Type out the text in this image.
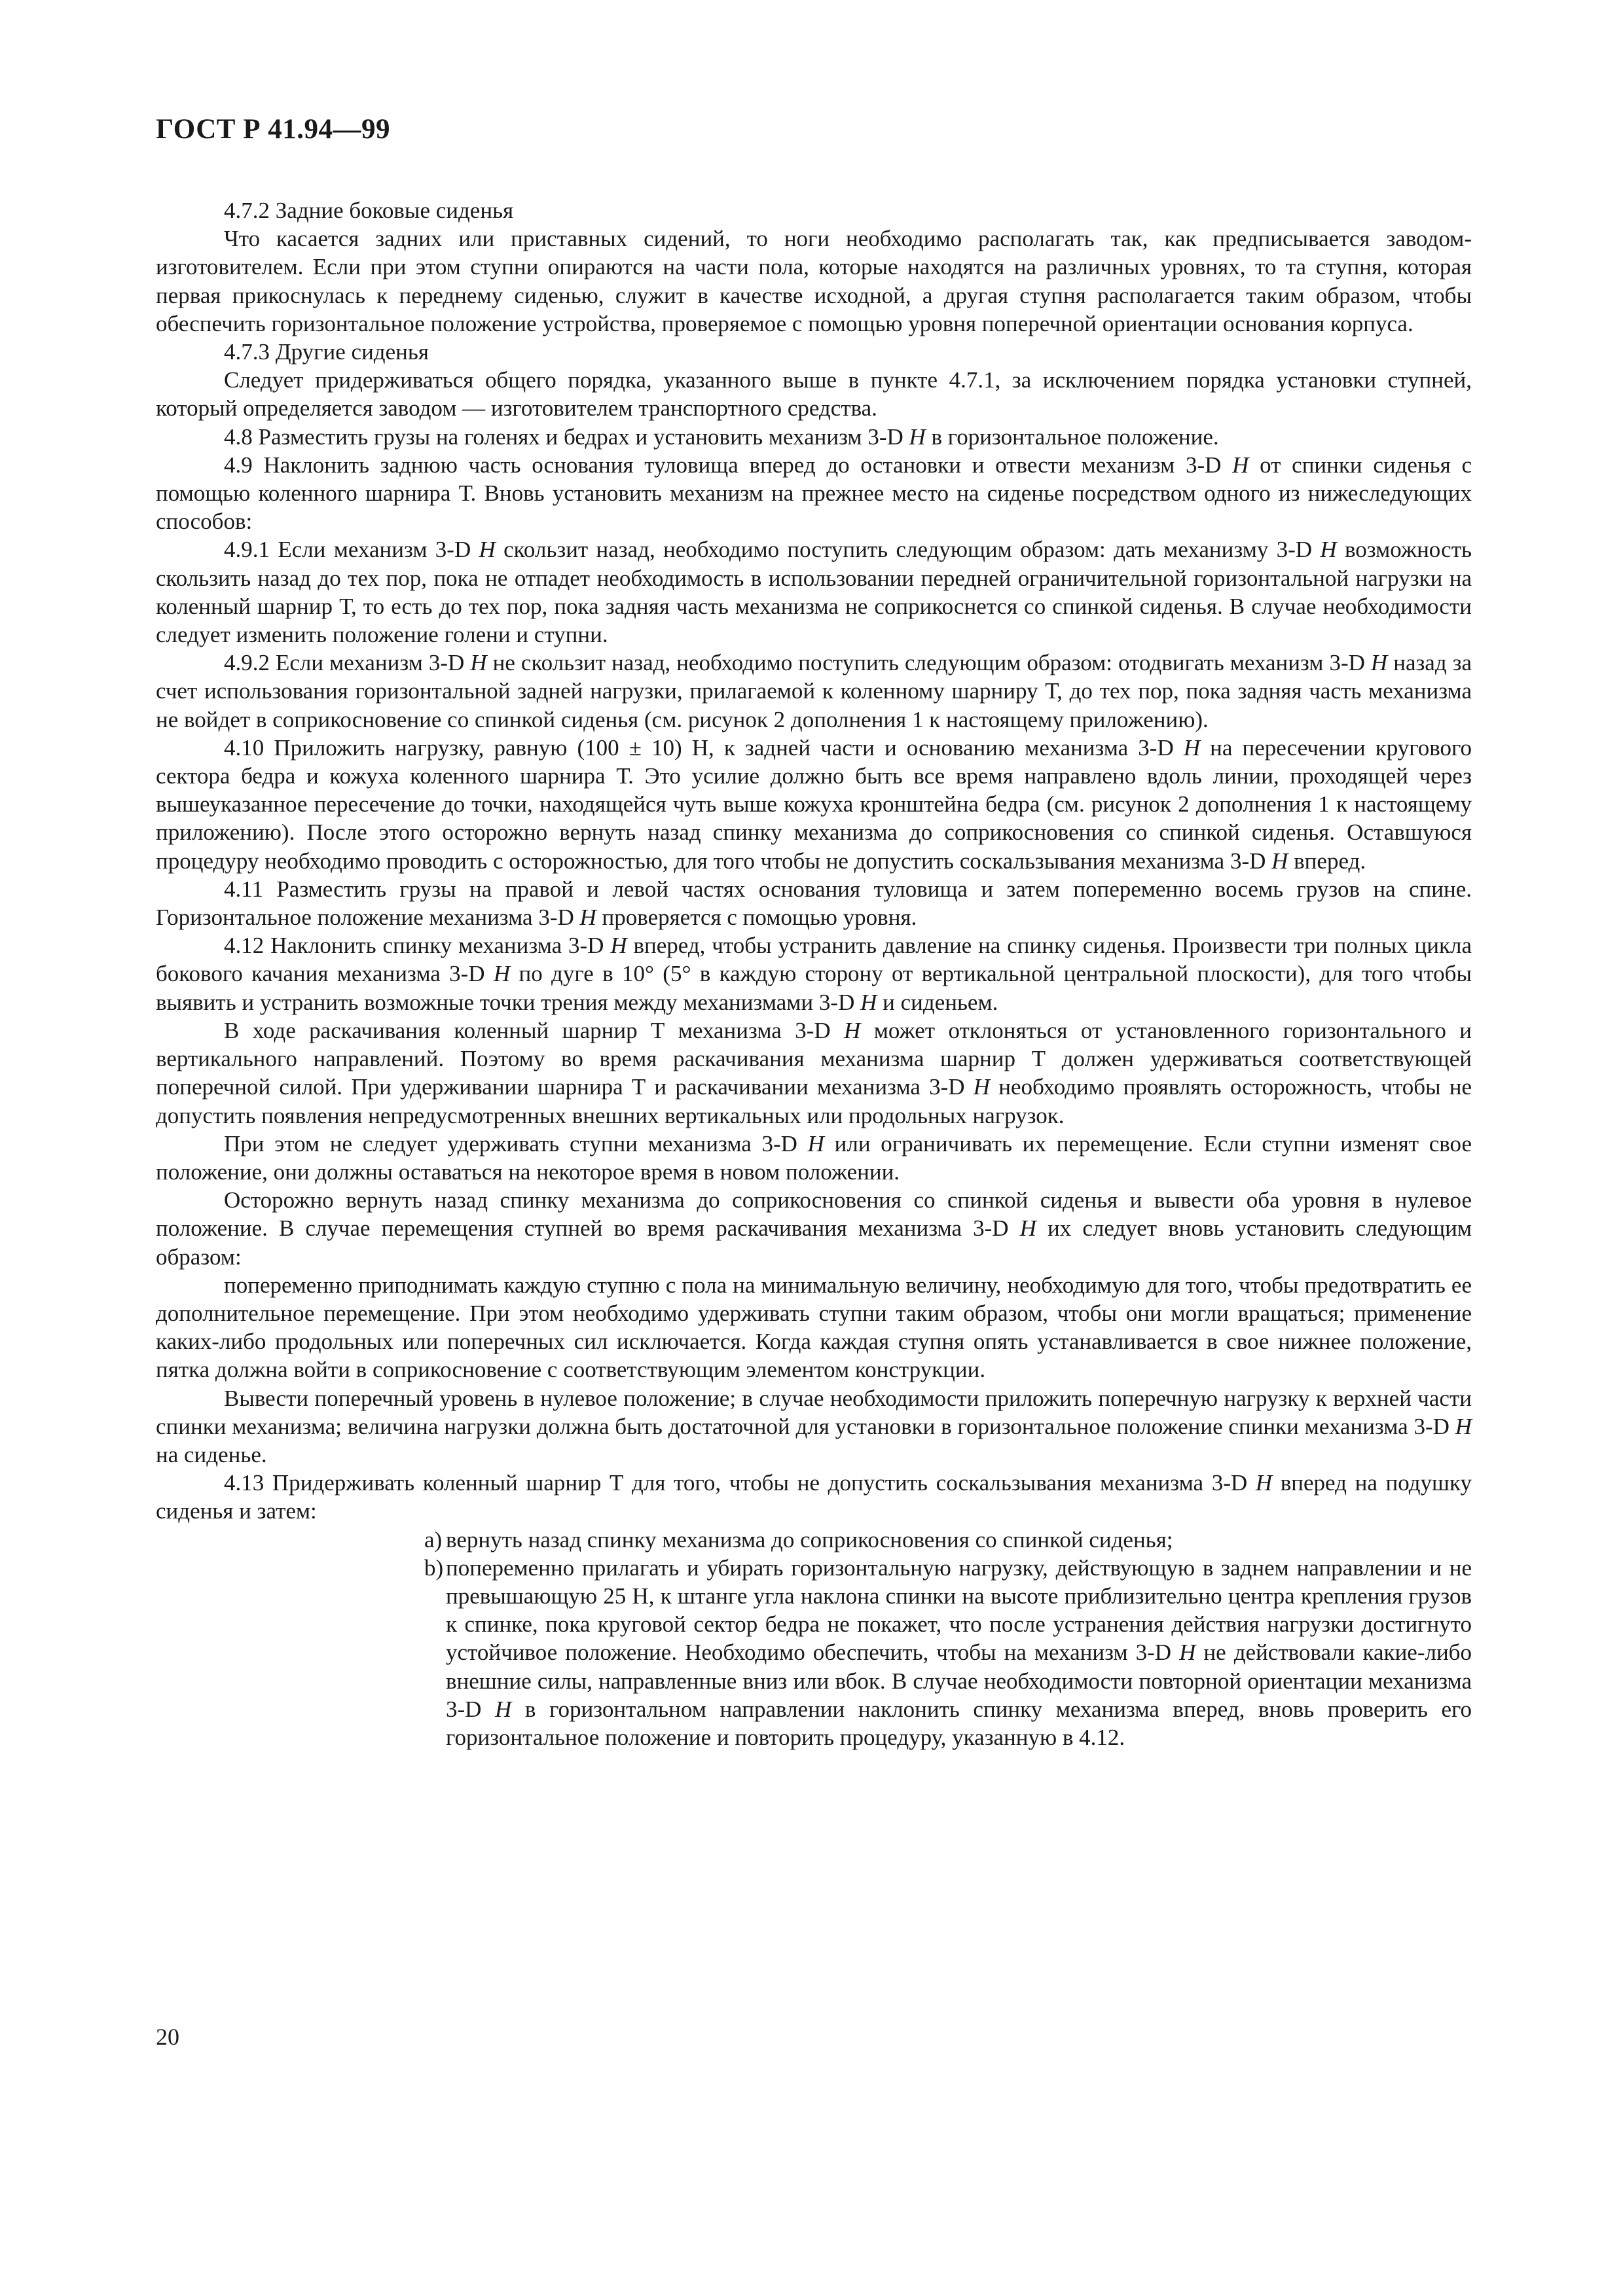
ГОСТ Р 41.94—99

4.7.2 Задние боковые сиденья

Что касается задних или приставных сидений, то ноги необходимо располагать так, как предписывается заводом-изготовителем. Если при этом ступни опираются на части пола, которые находятся на различных уровнях, то та ступня, которая первая прикоснулась к переднему сиденью, служит в качестве исходной, а другая ступня располагается таким образом, чтобы обеспечить горизонтальное положение устройства, проверяемое с помощью уровня поперечной ориентации основания корпуса.

4.7.3 Другие сиденья

Следует придерживаться общего порядка, указанного выше в пункте 4.7.1, за исключением порядка установки ступней, который определяется заводом — изготовителем транспортного средства.

4.8 Разместить грузы на голенях и бедрах и установить механизм 3-D H в горизонтальное положение.

4.9 Наклонить заднюю часть основания туловища вперед до остановки и отвести механизм 3-D H от спинки сиденья с помощью коленного шарнира Т. Вновь установить механизм на прежнее место на сиденье посредством одного из нижеследующих способов:

4.9.1 Если механизм 3-D H скользит назад, необходимо поступить следующим образом: дать механизму 3-D H возможность скользить назад до тех пор, пока не отпадет необходимость в использовании передней ограничительной горизонтальной нагрузки на коленный шарнир Т, то есть до тех пор, пока задняя часть механизма не соприкоснется со спинкой сиденья. В случае необходимости следует изменить положение голени и ступни.

4.9.2 Если механизм 3-D H не скользит назад, необходимо поступить следующим образом: отодвигать механизм 3-D H назад за счет использования горизонтальной задней нагрузки, прилагаемой к коленному шарниру Т, до тех пор, пока задняя часть механизма не войдет в соприкосновение со спинкой сиденья (см. рисунок 2 дополнения 1 к настоящему приложению).

4.10 Приложить нагрузку, равную (100 ± 10) Н, к задней части и основанию механизма 3-D H на пересечении кругового сектора бедра и кожуха коленного шарнира Т. Это усилие должно быть все время направлено вдоль линии, проходящей через вышеуказанное пересечение до точки, находящейся чуть выше кожуха кронштейна бедра (см. рисунок 2 дополнения 1 к настоящему приложению). После этого осторожно вернуть назад спинку механизма до соприкосновения со спинкой сиденья. Оставшуюся процедуру необходимо проводить с осторожностью, для того чтобы не допустить соскальзывания механизма 3-D H вперед.

4.11 Разместить грузы на правой и левой частях основания туловища и затем попеременно восемь грузов на спине. Горизонтальное положение механизма 3-D H проверяется с помощью уровня.

4.12 Наклонить спинку механизма 3-D H вперед, чтобы устранить давление на спинку сиденья. Произвести три полных цикла бокового качания механизма 3-D H по дуге в 10° (5° в каждую сторону от вертикальной центральной плоскости), для того чтобы выявить и устранить возможные точки трения между механизмами 3-D H и сиденьем.

В ходе раскачивания коленный шарнир Т механизма 3-D H может отклоняться от установленного горизонтального и вертикального направлений. Поэтому во время раскачивания механизма шарнир Т должен удерживаться соответствующей поперечной силой. При удерживании шарнира Т и раскачивании механизма 3-D H необходимо проявлять осторожность, чтобы не допустить появления непредусмотренных внешних вертикальных или продольных нагрузок.

При этом не следует удерживать ступни механизма 3-D H или ограничивать их перемещение. Если ступни изменят свое положение, они должны оставаться на некоторое время в новом положении.

Осторожно вернуть назад спинку механизма до соприкосновения со спинкой сиденья и вывести оба уровня в нулевое положение. В случае перемещения ступней во время раскачивания механизма 3-D H их следует вновь установить следующим образом:

попеременно приподнимать каждую ступню с пола на минимальную величину, необходимую для того, чтобы предотвратить ее дополнительное перемещение. При этом необходимо удерживать ступни таким образом, чтобы они могли вращаться; применение каких-либо продольных или поперечных сил исключается. Когда каждая ступня опять устанавливается в свое нижнее положение, пятка должна войти в соприкосновение с соответствующим элементом конструкции.

Вывести поперечный уровень в нулевое положение; в случае необходимости приложить поперечную нагрузку к верхней части спинки механизма; величина нагрузки должна быть достаточной для установки в горизонтальное положение спинки механизма 3-D H на сиденье.

4.13 Придерживать коленный шарнир Т для того, чтобы не допустить соскальзывания механизма 3-D H вперед на подушку сиденья и затем:

а) вернуть назад спинку механизма до соприкосновения со спинкой сиденья;

b) попеременно прилагать и убирать горизонтальную нагрузку, действующую в заднем направлении и не превышающую 25 Н, к штанге угла наклона спинки на высоте приблизительно центра крепления грузов к спинке, пока круговой сектор бедра не покажет, что после устранения действия нагрузки достигнуто устойчивое положение. Необходимо обеспечить, чтобы на механизм 3-D H не действовали какие-либо внешние силы, направленные вниз или вбок. В случае необходимости повторной ориентации механизма 3-D H в горизонтальном направлении наклонить спинку механизма вперед, вновь проверить его горизонтальное положение и повторить процедуру, указанную в 4.12.

20
